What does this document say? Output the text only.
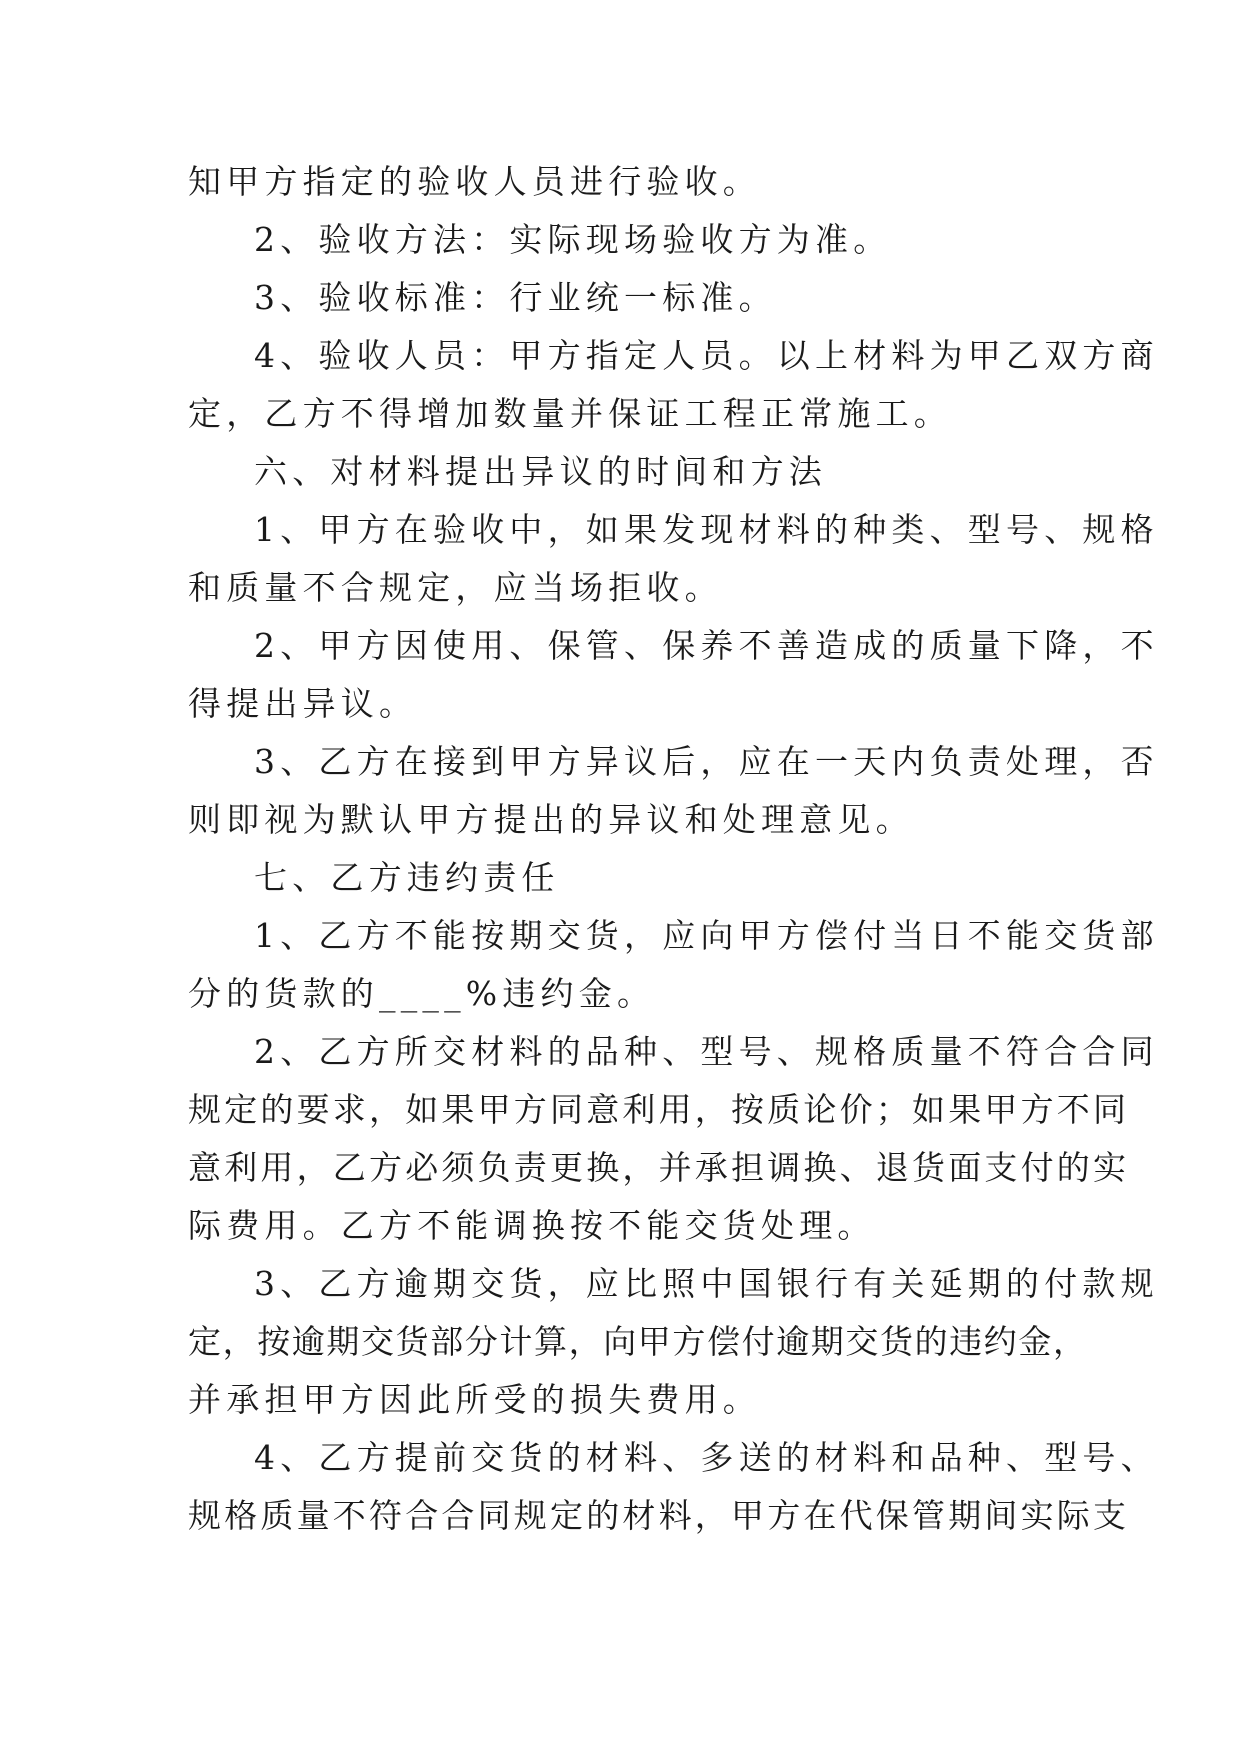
知甲方指定的验收人员进行验收。
2、验收方法：实际现场验收方为准。
3、验收标准：行业统一标准。
4、验收人员：甲方指定人员。以上材料为甲乙双方商
定，乙方不得增加数量并保证工程正常施工。
六、对材料提出异议的时间和方法
1、甲方在验收中，如果发现材料的种类、型号、规格
和质量不合规定，应当场拒收。
2、甲方因使用、保管、保养不善造成的质量下降，不
得提出异议。
3、乙方在接到甲方异议后，应在一天内负责处理，否
则即视为默认甲方提出的异议和处理意见。
七、乙方违约责任
1、乙方不能按期交货，应向甲方偿付当日不能交货部
分的货款的____%违约金。
2、乙方所交材料的品种、型号、规格质量不符合合同
规定的要求，如果甲方同意利用，按质论价；如果甲方不同
意利用，乙方必须负责更换，并承担调换、退货面支付的实
际费用。乙方不能调换按不能交货处理。
3、乙方逾期交货，应比照中国银行有关延期的付款规
定，按逾期交货部分计算，向甲方偿付逾期交货的违约金，
并承担甲方因此所受的损失费用。
4、乙方提前交货的材料、多送的材料和品种、型号、
规格质量不符合合同规定的材料，甲方在代保管期间实际支
